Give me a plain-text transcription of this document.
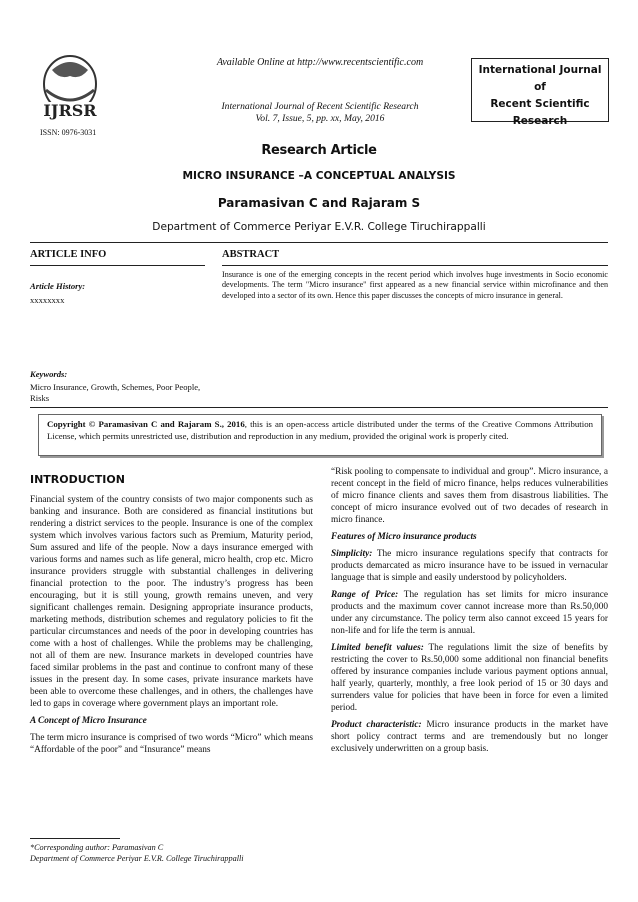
IJRSR
ISSN: 0976-3031
Available Online at http://www.recentscientific.com
International Journal of Recent Scientific Research
Vol. 7, Issue, 5, pp. xx, May, 2016
International Journal of
Recent Scientific
Research
Research Article
MICRO INSURANCE –A CONCEPTUAL ANALYSIS
Paramasivan C and Rajaram S
Department of Commerce Periyar E.V.R. College Tiruchirappalli
ARTICLE INFO
Article History:
xxxxxxxx
Keywords:
Micro Insurance, Growth, Schemes, Poor People, Risks
ABSTRACT
Insurance is one of the emerging concepts in the recent period which involves huge investments in Socio economic developments. The term "Micro insurance" first appeared as a new financial service within microfinance and then developed into a sector of its own. Hence this paper discusses the concepts of micro insurance in general.
Copyright © Paramasivan C and Rajaram S., 2016, this is an open-access article distributed under the terms of the Creative Commons Attribution License, which permits unrestricted use, distribution and reproduction in any medium, provided the original work is properly cited.
INTRODUCTION

Financial system of the country consists of two major components such as banking and insurance. Both are considered as financial institutions but rendering a district services to the people. Insurance is one of the complex system which involves various factors such as Premium, Maturity period, Sum assured and life of the people. Now a days insurance emerged with various forms and names such as life general, micro health, crop etc. Micro insurance providers struggle with substantial challenges in delivering financial protection to the poor. The industry’s progress has been encouraging, but it is still young, growth remains uneven, and very significant challenges remain. Designing appropriate insurance products, marketing methods, distribution schemes and regulatory policies to fit the particular circumstances and needs of the poor in developing countries has come with a host of challenges. While the problems may be challenging, not all of them are new. Insurance markets in developed countries have faced similar problems in the past and continue to confront many of these issues in the present day. In some cases, private insurance markets have been able to overcome these challenges, and in others, the challenges have led to gaps in coverage where government plays an important role.

A Concept of Micro Insurance

The term micro insurance is comprised of two words “Micro” which means “Affordable of the poor” and “Insurance” means

“Risk pooling to compensate to individual and group”. Micro insurance, a recent concept in the field of micro finance, helps reduces vulnerabilities of micro finance clients and saves them from disastrous liabilities. The concept of micro insurance evolved out of two decades of research in micro finance.

Features of Micro insurance products

Simplicity: The micro insurance regulations specify that contracts for products demarcated as micro insurance have to be issued in vernacular language that is simple and easily understood by policyholders.

Range of Price: The regulation has set limits for micro insurance products and the maximum cover cannot increase more than Rs.50,000 under any circumstance. The policy term also cannot exceed 15 years for non-life and for life the term is annual.

Limited benefit values: The regulations limit the size of benefits by restricting the cover to Rs.50,000 some additional non financial benefits offered by insurance companies include various payment options annual, half yearly, quarterly, monthly, a free look period of 15 or 30 days and surrenders value for policies that have been in force for even a limited period.

Product characteristic: Micro insurance products in the market have short policy contract terms and are tremendously but no longer exclusively underwritten on a group basis.

*Corresponding author: Paramasivan C
Department of Commerce Periyar E.V.R. College Tiruchirappalli
